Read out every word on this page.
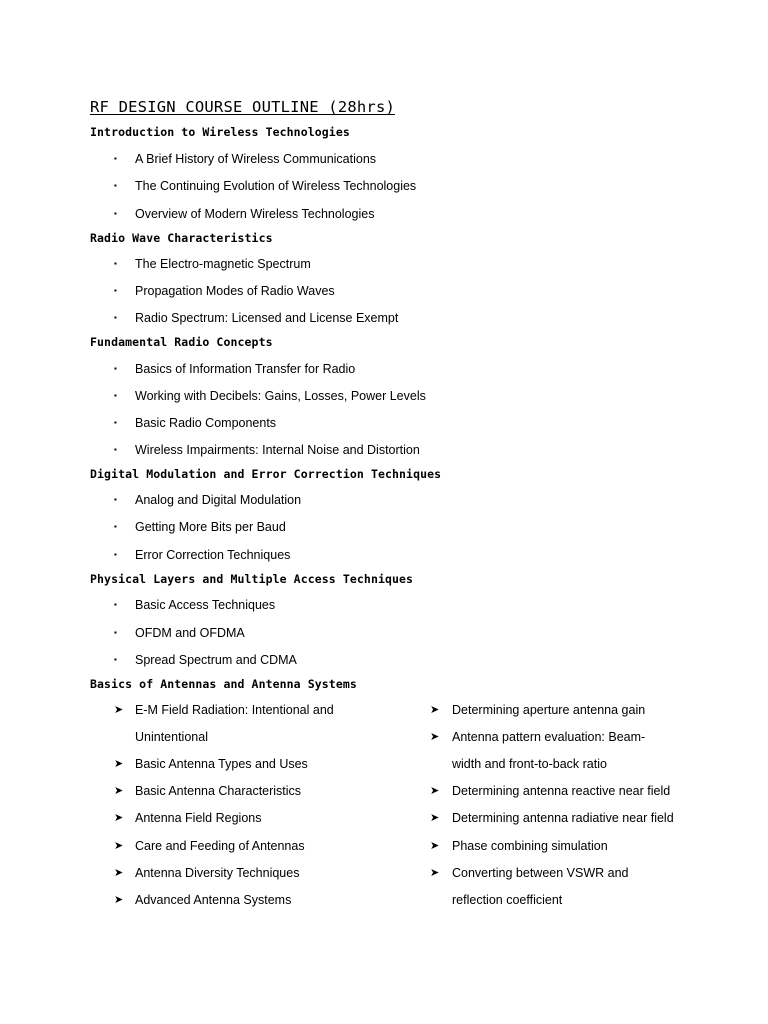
RF DESIGN COURSE OUTLINE (28hrs)
Introduction to Wireless Technologies
▪ A Brief History of Wireless Communications
▪ The Continuing Evolution of Wireless Technologies
▪ Overview of Modern Wireless Technologies
Radio Wave Characteristics
▪ The Electro-magnetic Spectrum
▪ Propagation Modes of Radio Waves
▪ Radio Spectrum: Licensed and License Exempt
Fundamental Radio Concepts
▪ Basics of Information Transfer for Radio
▪ Working with Decibels: Gains, Losses, Power Levels
▪ Basic Radio Components
▪ Wireless Impairments: Internal Noise and Distortion
Digital Modulation and Error Correction Techniques
▪ Analog and Digital Modulation
▪ Getting More Bits per Baud
▪ Error Correction Techniques
Physical Layers and Multiple Access Techniques
▪ Basic Access Techniques
▪ OFDM and OFDMA
▪ Spread Spectrum and CDMA
Basics of Antennas and Antenna Systems
➤ E-M Field Radiation: Intentional and
Unintentional
➤ Basic Antenna Types and Uses
➤ Basic Antenna Characteristics
➤ Antenna Field Regions
➤ Care and Feeding of Antennas
➤ Antenna Diversity Techniques
➤ Advanced Antenna Systems
➤ Determining aperture antenna gain
➤ Antenna pattern evaluation: Beam-
width and front-to-back ratio
➤ Determining antenna reactive near field
➤ Determining antenna radiative near field
➤ Phase combining simulation
➤ Converting between VSWR and
reflection coefficient
